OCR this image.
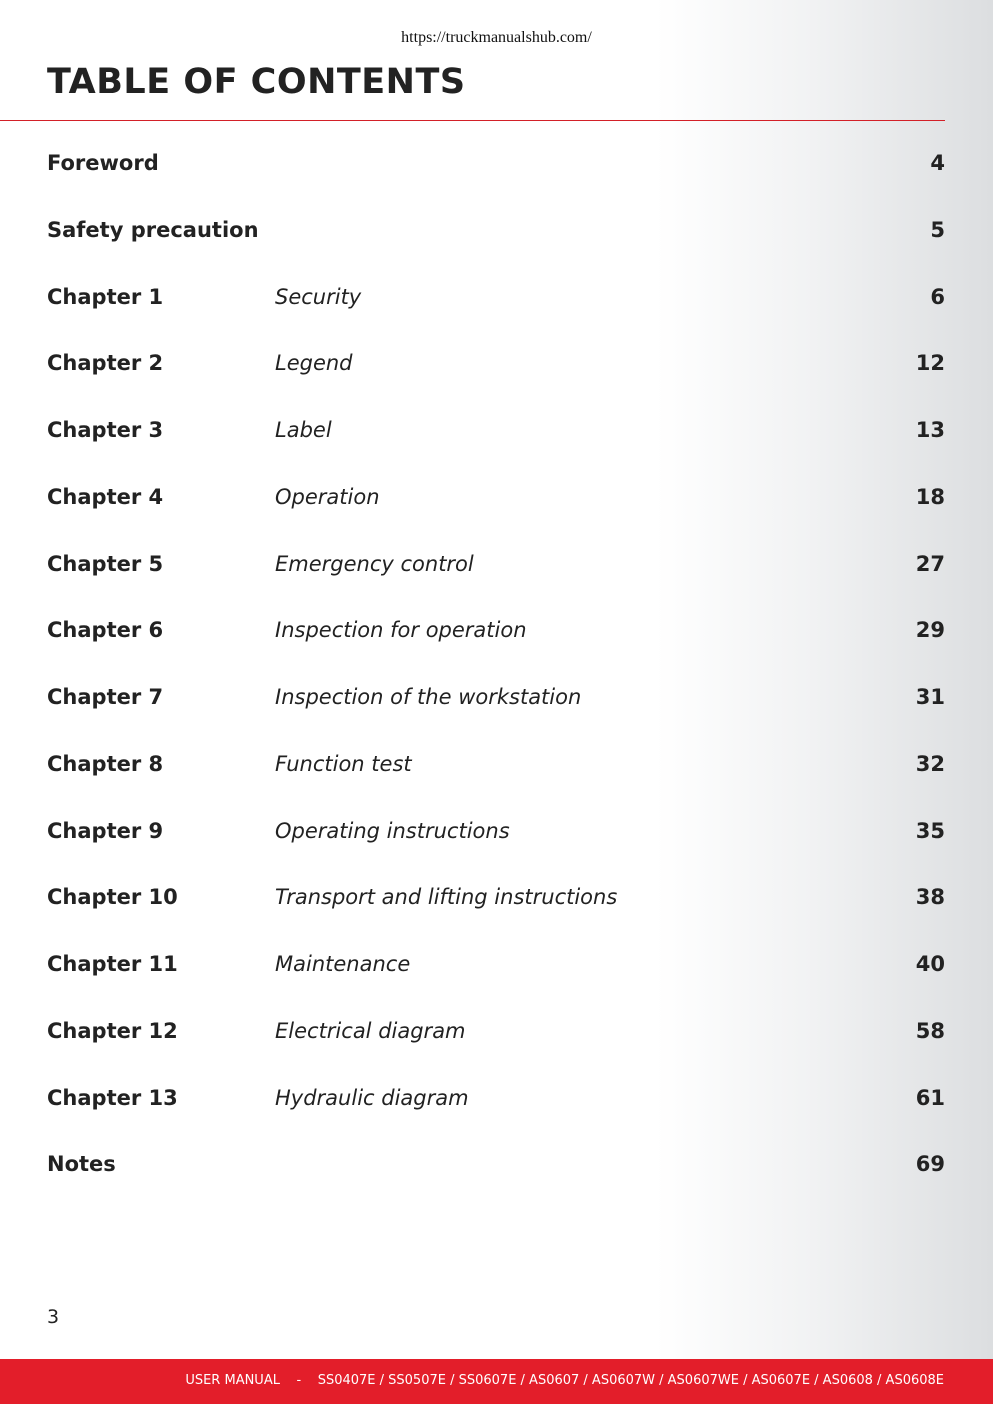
https://truckmanualshub.com/
TABLE OF CONTENTS
Foreword	4
Safety precaution	5
Chapter 1	Security	6
Chapter 2	Legend	12
Chapter 3	Label	13
Chapter 4	Operation	18
Chapter 5	Emergency control	27
Chapter 6	Inspection for operation	29
Chapter 7	Inspection of the workstation	31
Chapter 8	Function test	32
Chapter 9	Operating instructions	35
Chapter 10	Transport and lifting instructions	38
Chapter 11	Maintenance	40
Chapter 12	Electrical diagram	58
Chapter 13	Hydraulic diagram	61
Notes	69
3
USER MANUAL    -    SS0407E / SS0507E / SS0607E / AS0607 / AS0607W / AS0607WE / AS0607E / AS0608 / AS0608E
